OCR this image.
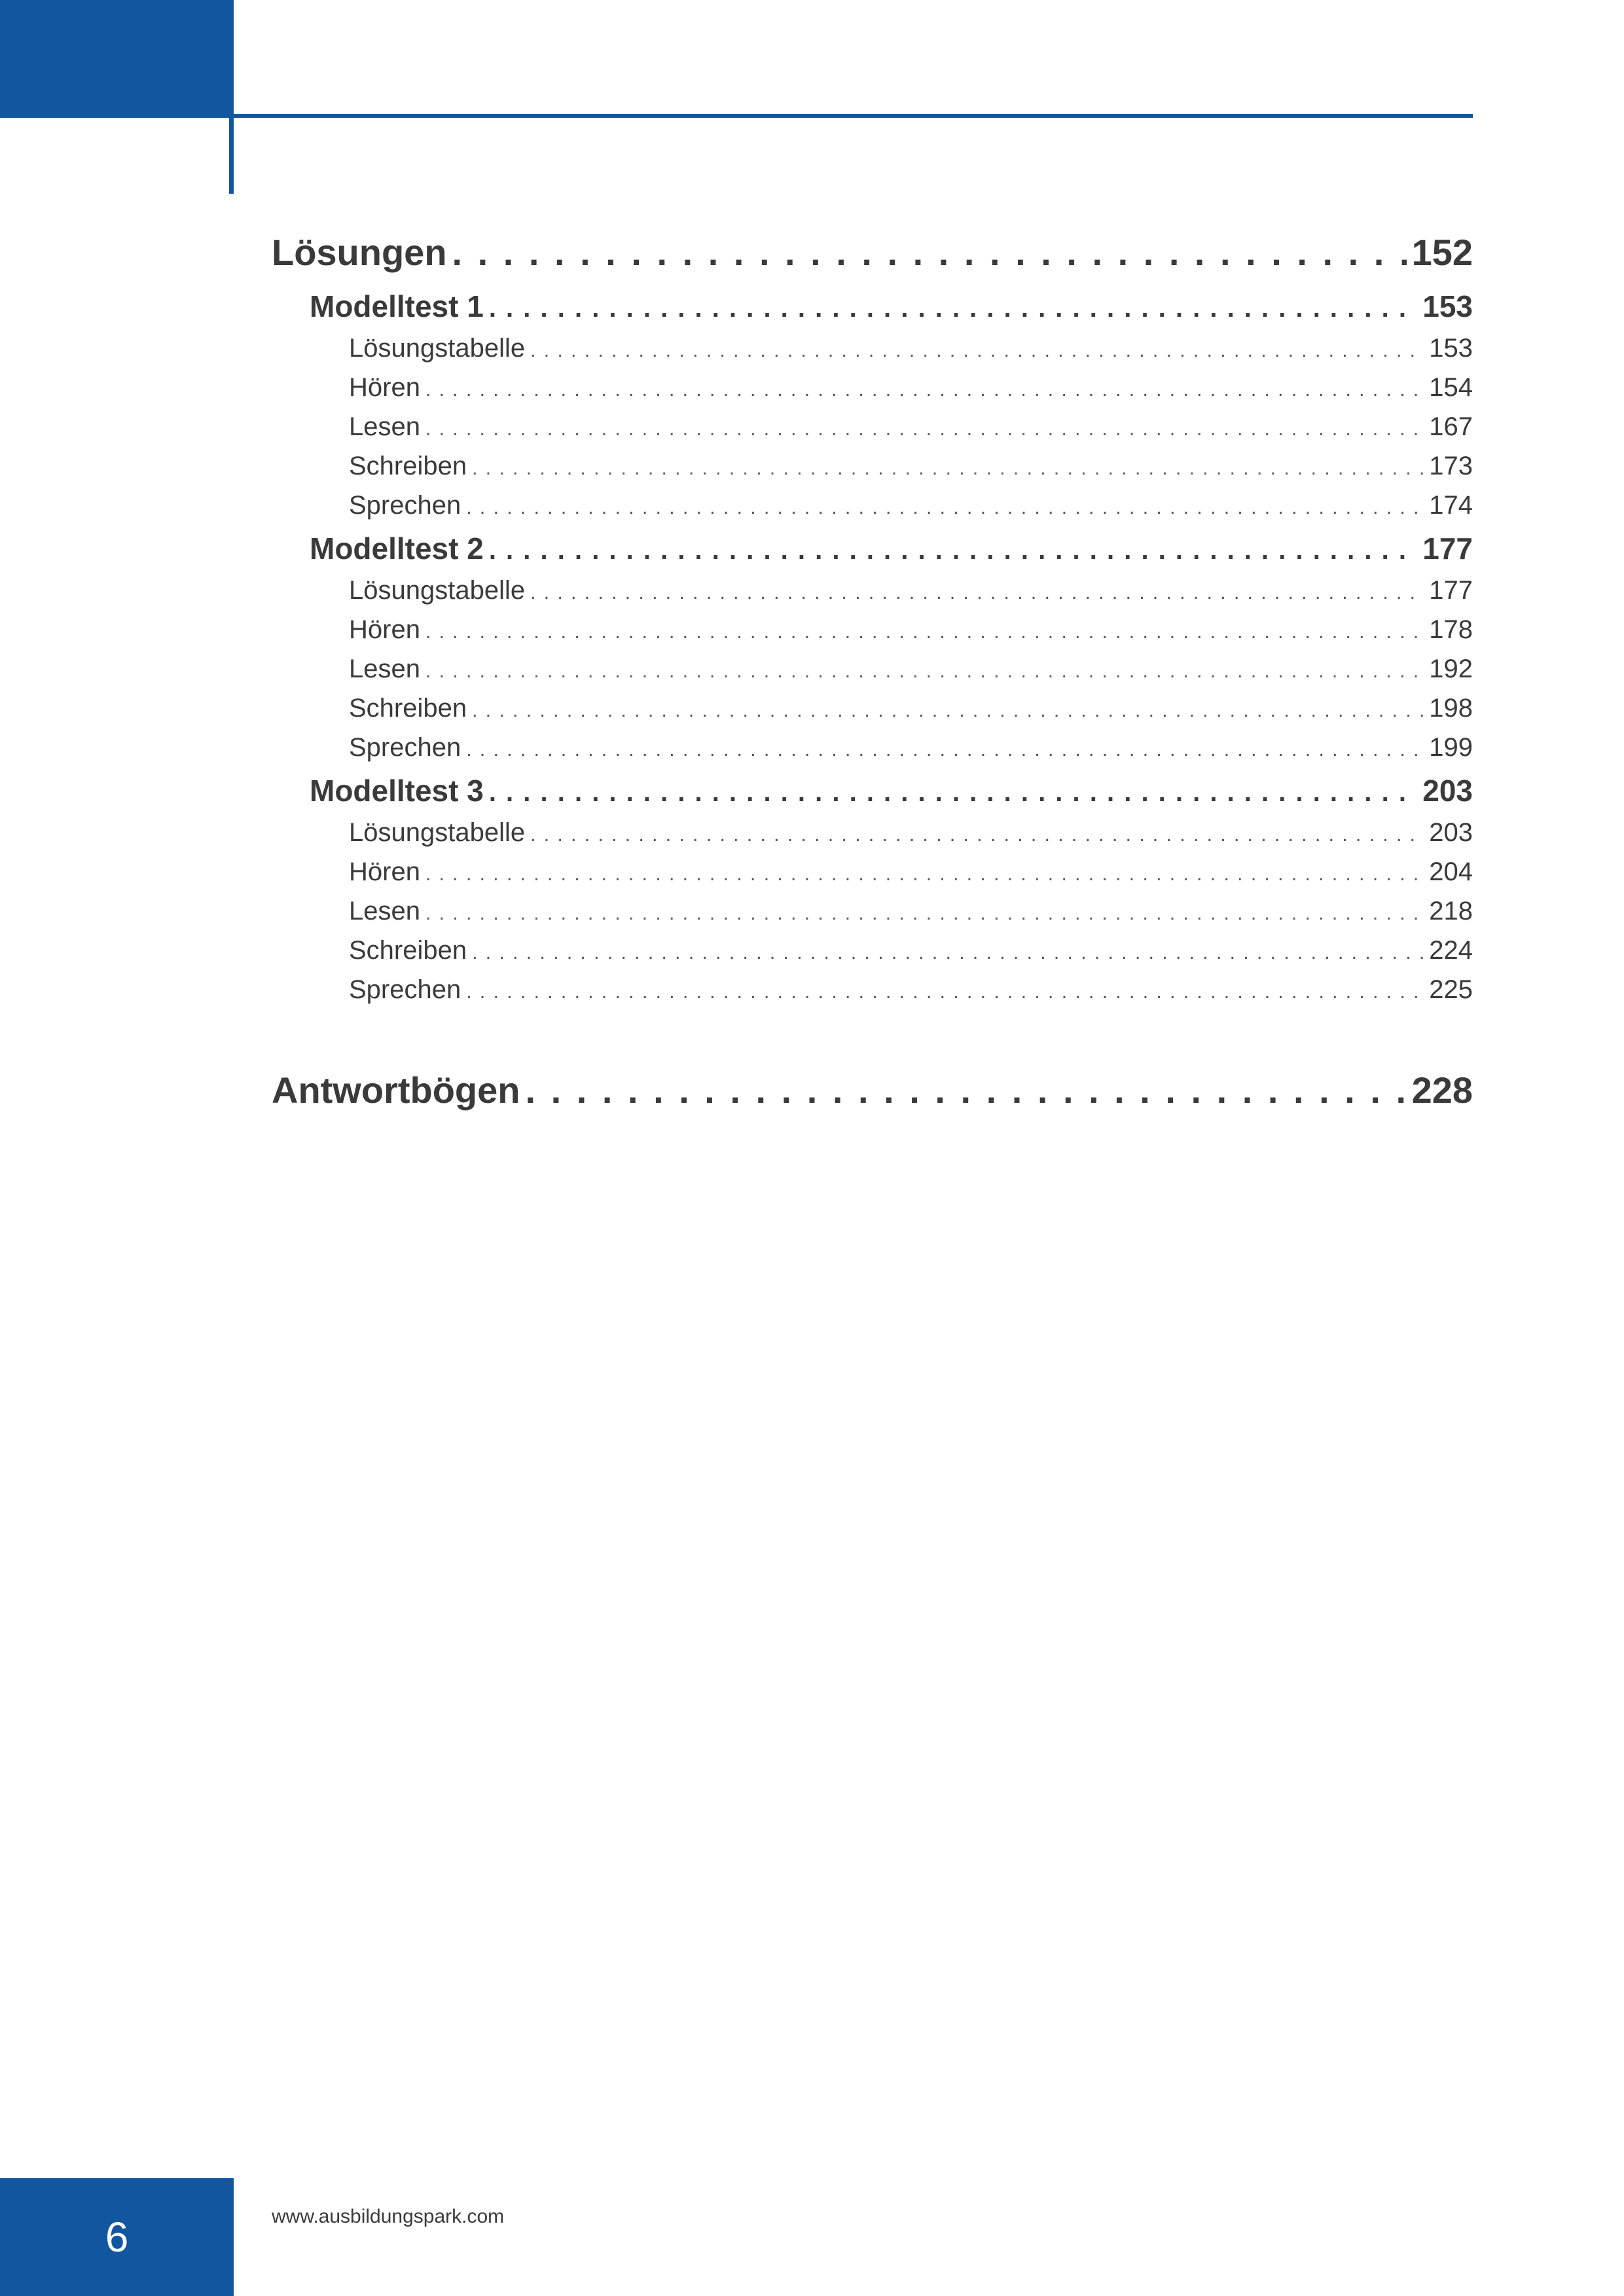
Lösungen . . .	152
Modelltest 1 . . .	153
Lösungstabelle . . .	153
Hören . . .	154
Lesen . . .	167
Schreiben . . .	173
Sprechen . . .	174
Modelltest 2 . . .	177
Lösungstabelle . . .	177
Hören . . .	178
Lesen . . .	192
Schreiben . . .	198
Sprechen . . .	199
Modelltest 3 . . .	203
Lösungstabelle . . .	203
Hören . . .	204
Lesen . . .	218
Schreiben . . .	224
Sprechen . . .	225
Antwortbögen . . .	228
6	www.ausbildungspark.com
